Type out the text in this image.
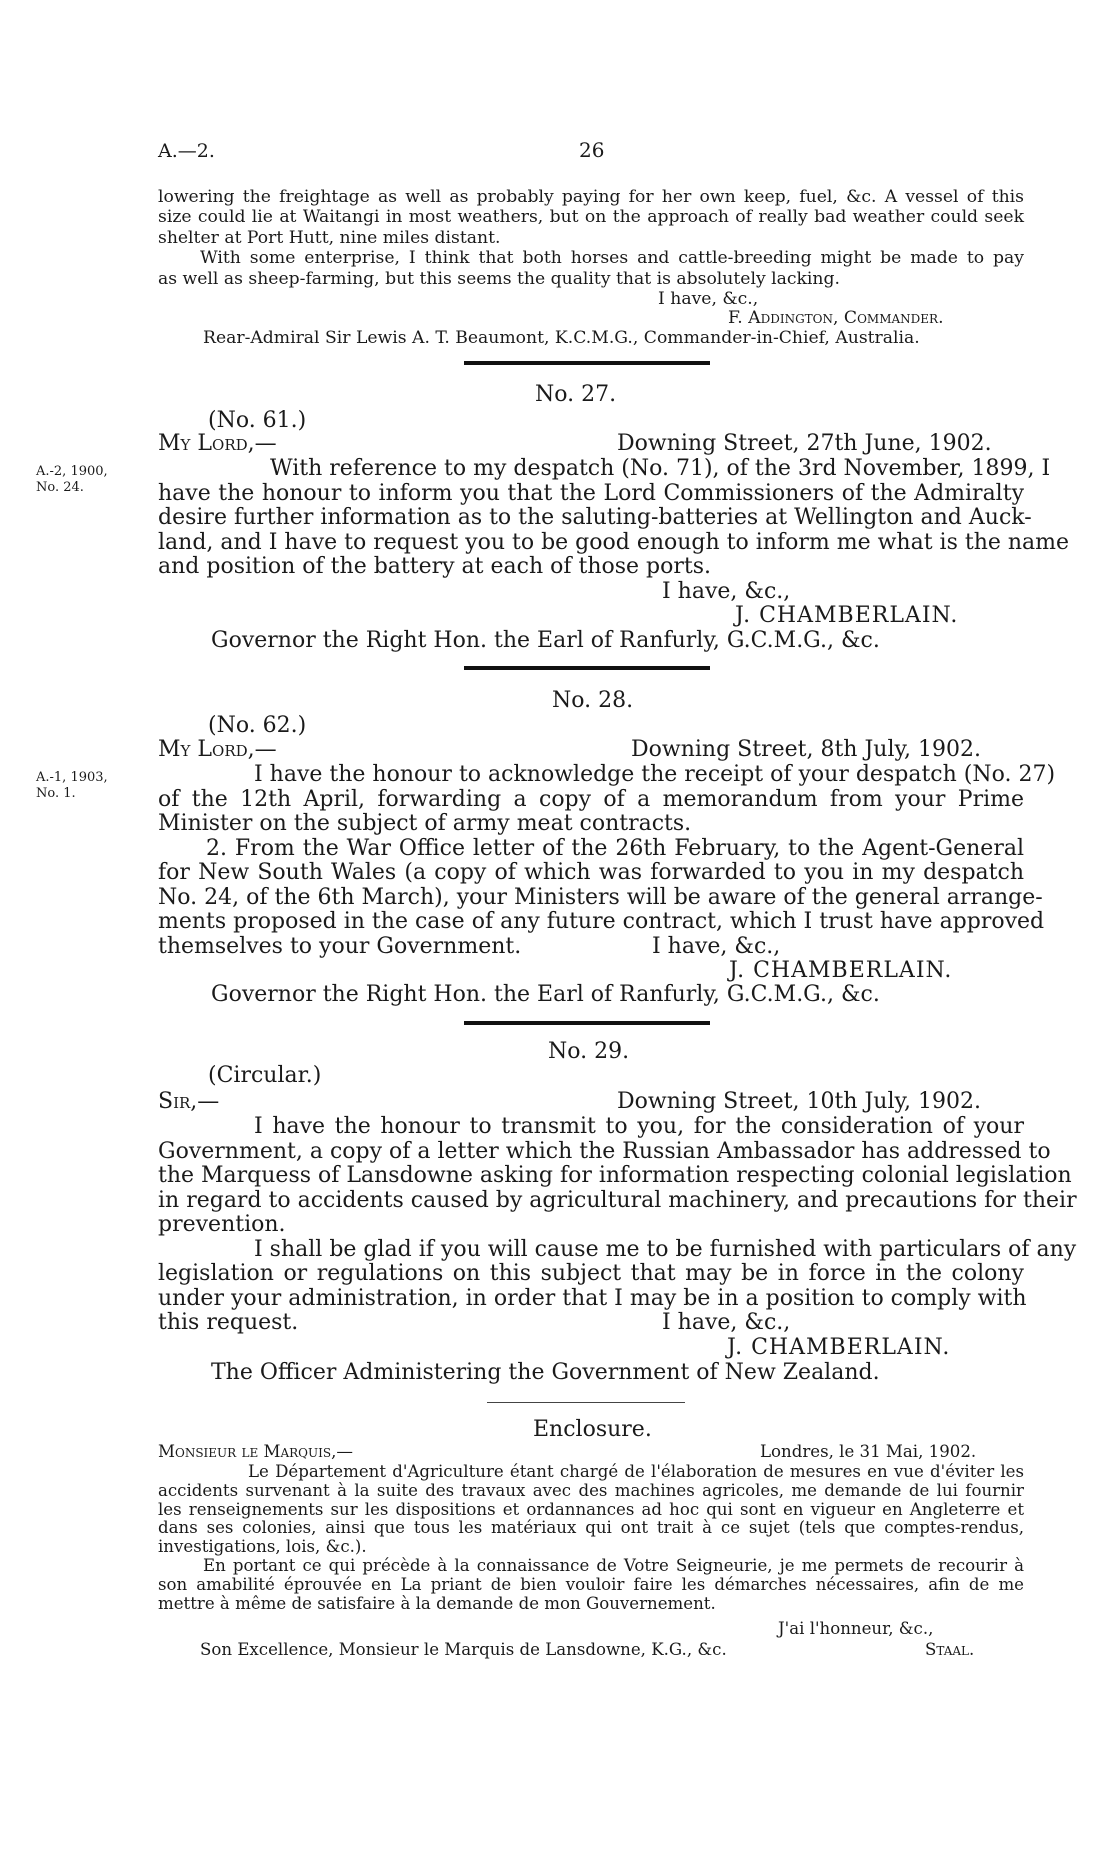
A.—2.	26
lowering the freightage as well as probably paying for her own keep, fuel, &c. A vessel of this
size could lie at Waitangi in most weathers, but on the approach of really bad weather could seek
shelter at Port Hutt, nine miles distant.
With some enterprise, I think that both horses and cattle-breeding might be made to pay
as well as sheep-farming, but this seems the quality that is absolutely lacking.
I have, &c.,
F. Addington, Commander.
Rear-Admiral Sir Lewis A. T. Beaumont, K.C.M.G., Commander-in-Chief, Australia.
No. 27.
(No. 61.)
My Lord,—	Downing Street, 27th June, 1902.
A.-2, 1900,
No. 24.
With reference to my despatch (No. 71), of the 3rd November, 1899, I
have the honour to inform you that the Lord Commissioners of the Admiralty
desire further information as to the saluting-batteries at Wellington and Auck-
land, and I have to request you to be good enough to inform me what is the name
and position of the battery at each of those ports.
I have, &c.,
J. CHAMBERLAIN.
Governor the Right Hon. the Earl of Ranfurly, G.C.M.G., &c.
No. 28.
(No. 62.)
My Lord,—	Downing Street, 8th July, 1902.
A.-1, 1903,
No. 1.
I have the honour to acknowledge the receipt of your despatch (No. 27)
of the 12th April, forwarding a copy of a memorandum from your Prime
Minister on the subject of army meat contracts.
2. From the War Office letter of the 26th February, to the Agent-General
for New South Wales (a copy of which was forwarded to you in my despatch
No. 24, of the 6th March), your Ministers will be aware of the general arrange-
ments proposed in the case of any future contract, which I trust have approved
themselves to your Government.	I have, &c.,
J. CHAMBERLAIN.
Governor the Right Hon. the Earl of Ranfurly, G.C.M.G., &c.
No. 29.
(Circular.)
Sir,—	Downing Street, 10th July, 1902.
I have the honour to transmit to you, for the consideration of your
Government, a copy of a letter which the Russian Ambassador has addressed to
the Marquess of Lansdowne asking for information respecting colonial legislation
in regard to accidents caused by agricultural machinery, and precautions for their
prevention.
I shall be glad if you will cause me to be furnished with particulars of any
legislation or regulations on this subject that may be in force in the colony
under your administration, in order that I may be in a position to comply with
this request.	I have, &c.,
J. CHAMBERLAIN.
The Officer Administering the Government of New Zealand.
Enclosure.
Monsieur le Marquis,—	Londres, le 31 Mai, 1902.
Le Département d'Agriculture étant chargé de l'élaboration de mesures en vue d'éviter les
accidents survenant à la suite des travaux avec des machines agricoles, me demande de lui fournir
les renseignements sur les dispositions et ordannances ad hoc qui sont en vigueur en Angleterre et
dans ses colonies, ainsi que tous les matériaux qui ont trait à ce sujet (tels que comptes-rendus,
investigations, lois, &c.).
En portant ce qui précède à la connaissance de Votre Seigneurie, je me permets de recourir à
son amabilité éprouvée en La priant de bien vouloir faire les démarches nécessaires, afin de me
mettre à même de satisfaire à la demande de mon Gouvernement.
J'ai l'honneur, &c.,
Son Excellence, Monsieur le Marquis de Lansdowne, K.G., &c.	Staal.
